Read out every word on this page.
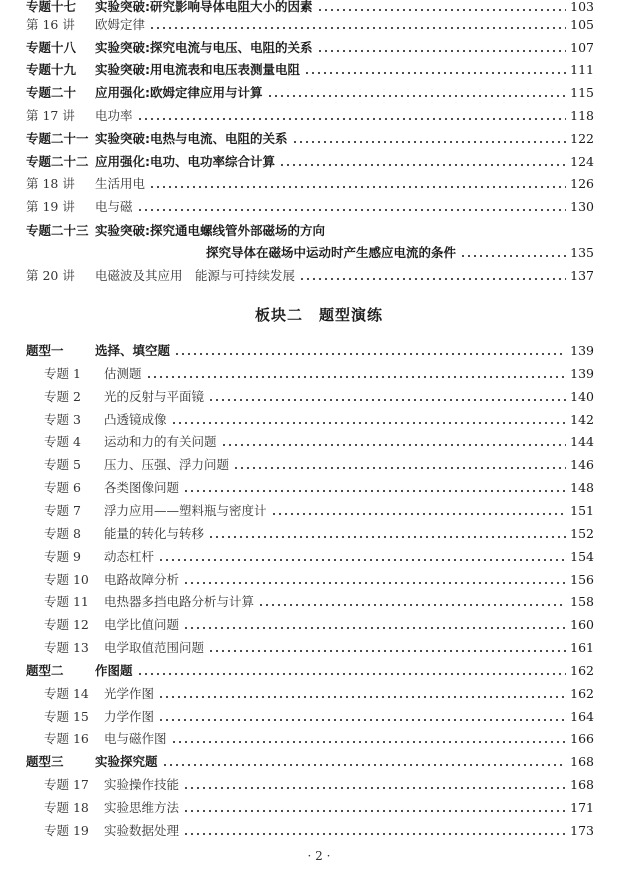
专题十七	实验突破:研究影响导体电阻大小的因素	103
第 16 讲	欧姆定律	105
专题十八	实验突破:探究电流与电压、电阻的关系	107
专题十九	实验突破:用电流表和电压表测量电阻	111
专题二十	应用强化:欧姆定律应用与计算	115
第 17 讲	电功率	118
专题二十一 实验突破:电热与电流、电阻的关系	122
专题二十二 应用强化:电功、电功率综合计算	124
第 18 讲	生活用电	126
第 19 讲	电与磁	130
专题二十三 实验突破:探究通电螺线管外部磁场的方向
探究导体在磁场中运动时产生感应电流的条件	135
第 20 讲	电磁波及其应用　能源与可持续发展	137
板块二　题型演练
题型一	选择、填空题	139
专题 1	估测题	139
专题 2	光的反射与平面镜	140
专题 3	凸透镜成像	142
专题 4	运动和力的有关问题	144
专题 5	压力、压强、浮力问题	146
专题 6	各类图像问题	148
专题 7	浮力应用——塑料瓶与密度计	151
专题 8	能量的转化与转移	152
专题 9	动态杠杆	154
专题 10	电路故障分析	156
专题 11	电热器多挡电路分析与计算	158
专题 12	电学比值问题	160
专题 13	电学取值范围问题	161
题型二	作图题	162
专题 14	光学作图	162
专题 15	力学作图	164
专题 16	电与磁作图	166
题型三	实验探究题	168
专题 17	实验操作技能	168
专题 18	实验思维方法	171
专题 19	实验数据处理	173
· 2 ·
